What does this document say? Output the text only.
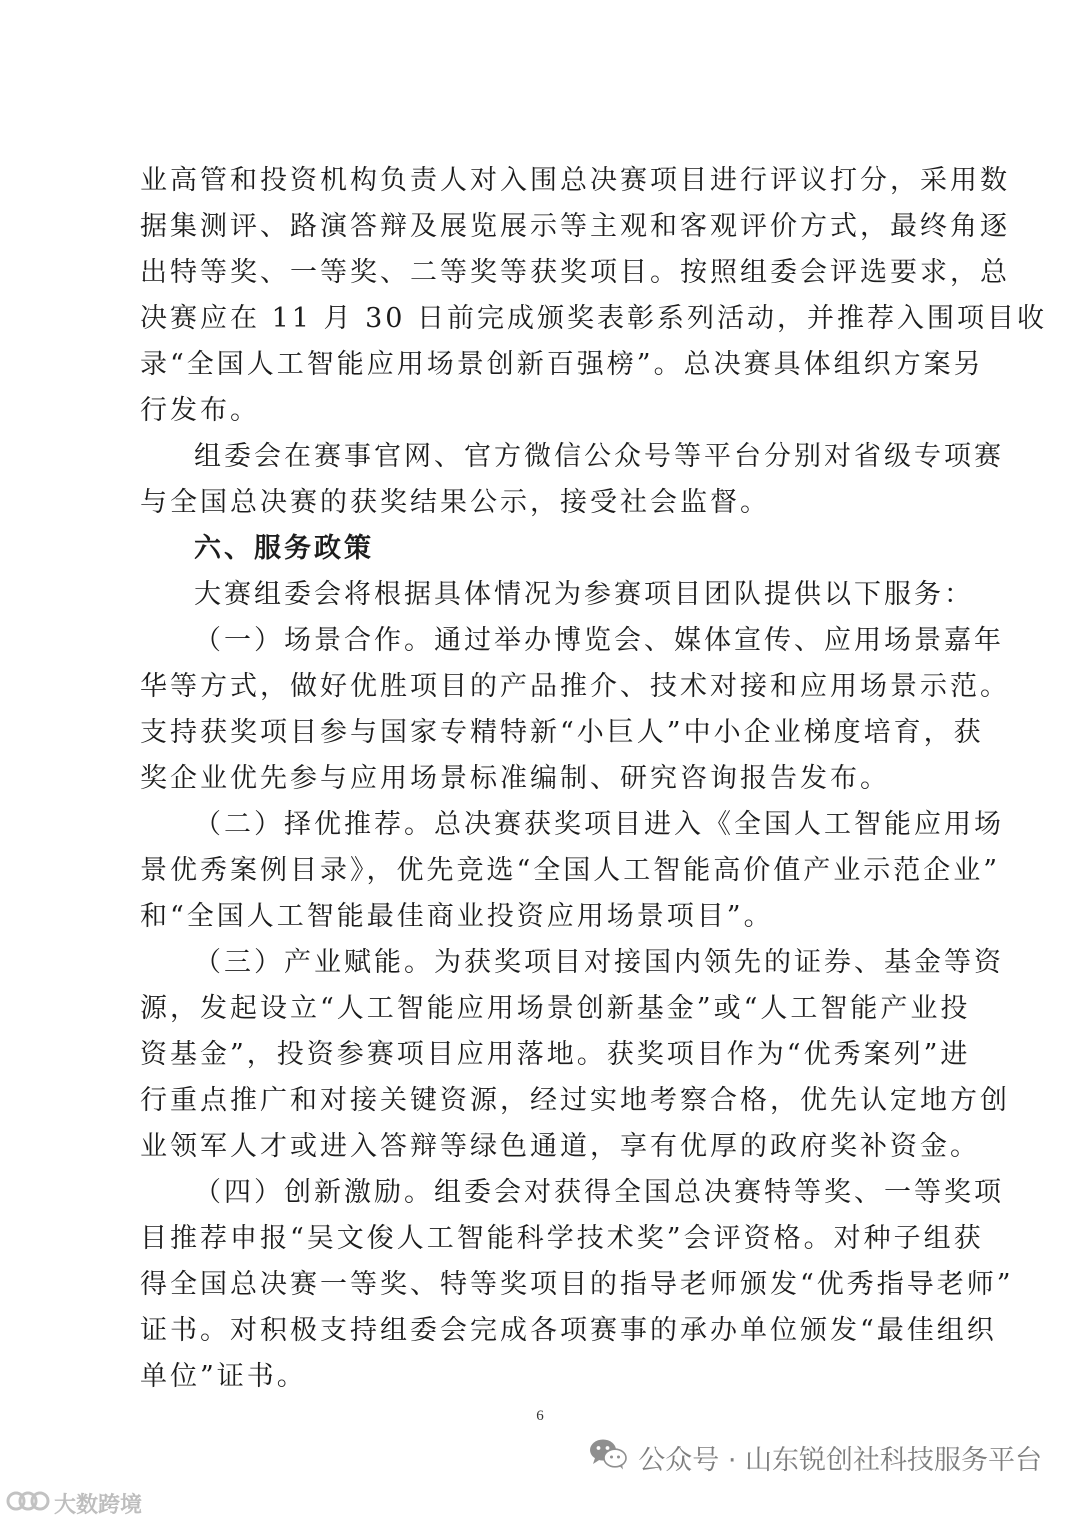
业高管和投资机构负责人对入围总决赛项目进行评议打分，采用数
据集测评、路演答辩及展览展示等主观和客观评价方式，最终角逐
出特等奖、一等奖、二等奖等获奖项目。按照组委会评选要求，总
决赛应在 11 月 30 日前完成颁奖表彰系列活动，并推荐入围项目收
录“全国人工智能应用场景创新百强榜”。总决赛具体组织方案另
行发布。
组委会在赛事官网、官方微信公众号等平台分别对省级专项赛
与全国总决赛的获奖结果公示，接受社会监督。
六、服务政策
大赛组委会将根据具体情况为参赛项目团队提供以下服务：
（一）场景合作。通过举办博览会、媒体宣传、应用场景嘉年
华等方式，做好优胜项目的产品推介、技术对接和应用场景示范。
支持获奖项目参与国家专精特新“小巨人”中小企业梯度培育，获
奖企业优先参与应用场景标准编制、研究咨询报告发布。
（二）择优推荐。总决赛获奖项目进入《全国人工智能应用场
景优秀案例目录》，优先竞选“全国人工智能高价值产业示范企业”
和“全国人工智能最佳商业投资应用场景项目”。
（三）产业赋能。为获奖项目对接国内领先的证券、基金等资
源，发起设立“人工智能应用场景创新基金”或“人工智能产业投
资基金”，投资参赛项目应用落地。获奖项目作为“优秀案列”进
行重点推广和对接关键资源，经过实地考察合格，优先认定地方创
业领军人才或进入答辩等绿色通道，享有优厚的政府奖补资金。
（四）创新激励。组委会对获得全国总决赛特等奖、一等奖项
目推荐申报“吴文俊人工智能科学技术奖”会评资格。对种子组获
得全国总决赛一等奖、特等奖项目的指导老师颁发“优秀指导老师”
证书。对积极支持组委会完成各项赛事的承办单位颁发“最佳组织
单位”证书。
6
公众号 · 山东锐创社科技服务平台
大数跨境
